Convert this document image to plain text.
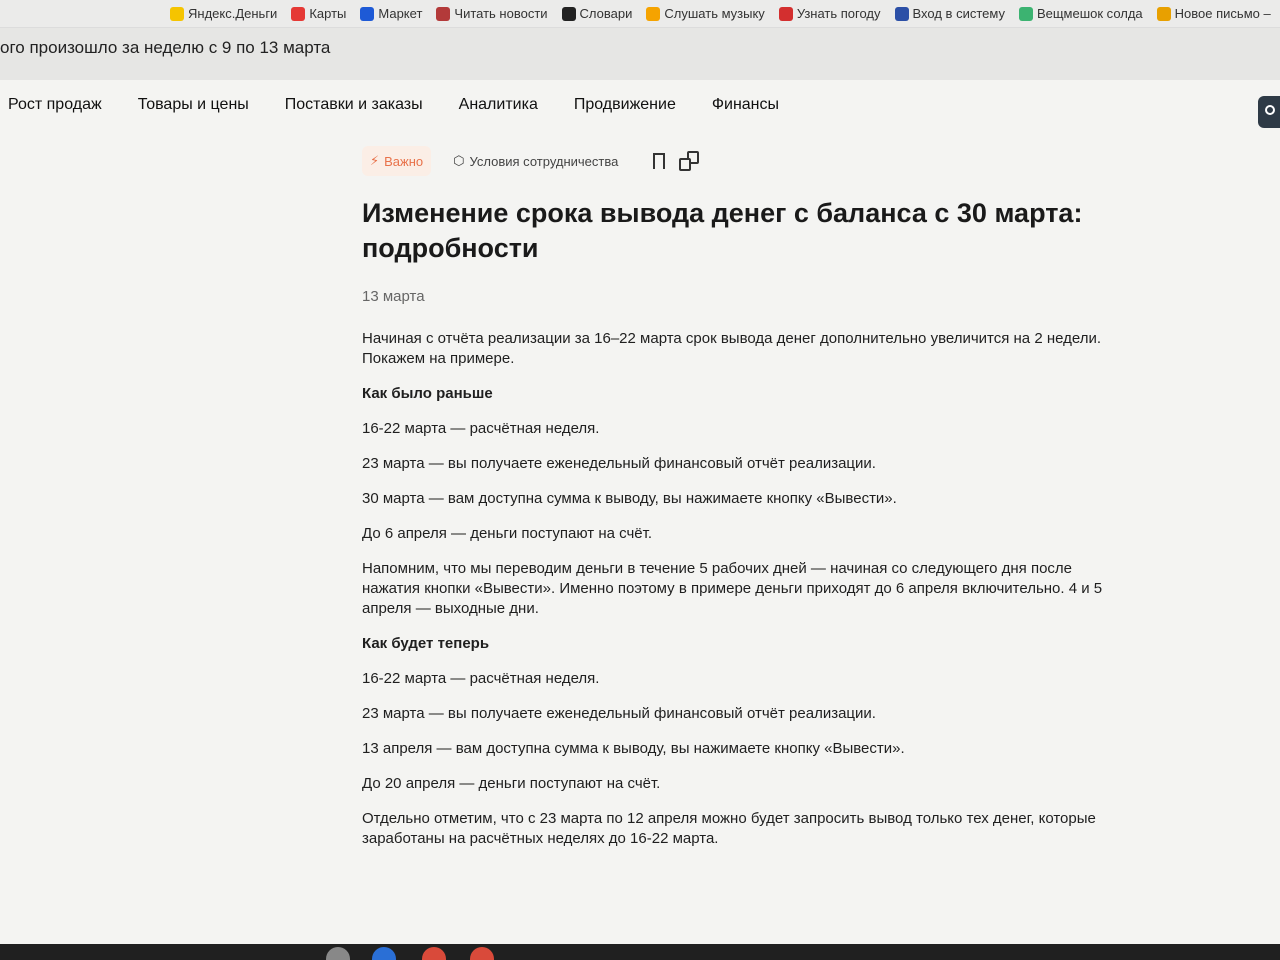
Яндекс.Деньги Карты Маркет Читать новости Словари Слушать музыку Узнать погоду Вход в систему Вещмешок солда Новое письмо –
ого произошло за неделю с 9 по 13 марта
Рост продаж Товары и цены Поставки и заказы Аналитика Продвижение Финансы
⚡ Важно ⬡ Условия сотрудничества
Изменение срока вывода денег с баланса с 30 марта: подробности
13 марта

Начиная с отчёта реализации за 16–22 марта срок вывода денег дополнительно увеличится на 2 недели. Покажем на примере.

Как было раньше

16-22 марта — расчётная неделя.

23 марта — вы получаете еженедельный финансовый отчёт реализации.

30 марта — вам доступна сумма к выводу, вы нажимаете кнопку «Вывести».

До 6 апреля — деньги поступают на счёт.

Напомним, что мы переводим деньги в течение 5 рабочих дней — начиная со следующего дня после нажатия кнопки «Вывести». Именно поэтому в примере деньги приходят до 6 апреля включительно. 4 и 5 апреля — выходные дни.

Как будет теперь

16-22 марта — расчётная неделя.

23 марта — вы получаете еженедельный финансовый отчёт реализации.

13 апреля — вам доступна сумма к выводу, вы нажимаете кнопку «Вывести».

До 20 апреля — деньги поступают на счёт.

Отдельно отметим, что с 23 марта по 12 апреля можно будет запросить вывод только тех денег, которые заработаны на расчётных неделях до 16-22 марта.
